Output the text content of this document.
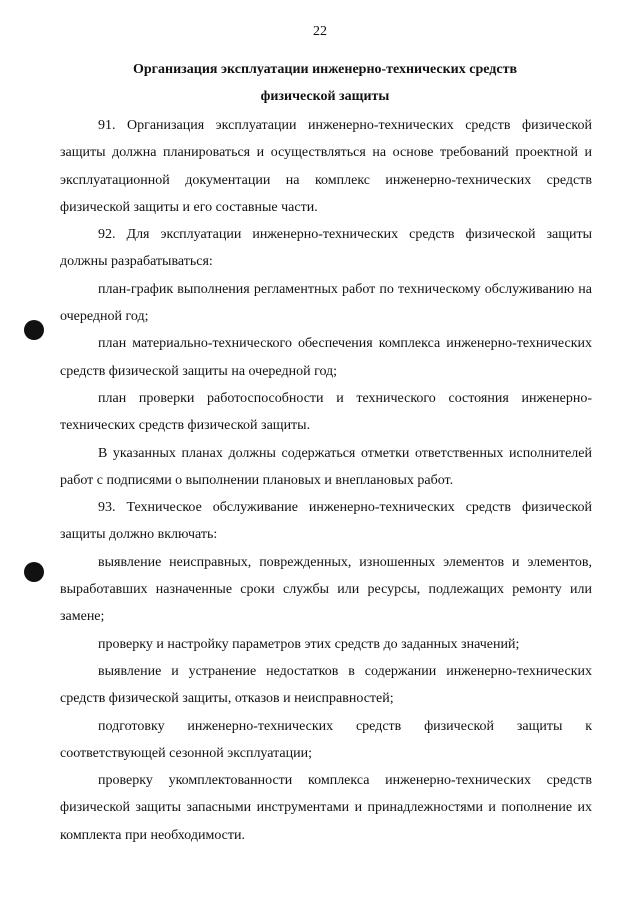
22
Организация эксплуатации инженерно-технических средств
физической защиты

91. Организация эксплуатации инженерно-технических средств физической защиты должна планироваться и осуществляться на основе требований проектной и эксплуатационной документации на комплекс инженерно-технических средств физической защиты и его составные части.

92. Для эксплуатации инженерно-технических средств физической защиты должны разрабатываться:

план-график выполнения регламентных работ по техническому обслуживанию на очередной год;

план материально-технического обеспечения комплекса инженерно-технических средств физической защиты на очередной год;

план проверки работоспособности и технического состояния инженерно-технических средств физической защиты.

В указанных планах должны содержаться отметки ответственных исполнителей работ с подписями о выполнении плановых и внеплановых работ.

93. Техническое обслуживание инженерно-технических средств физической защиты должно включать:

выявление неисправных, поврежденных, изношенных элементов и элементов, выработавших назначенные сроки службы или ресурсы, подлежащих ремонту или замене;

проверку и настройку параметров этих средств до заданных значений;

выявление и устранение недостатков в содержании инженерно-технических средств физической защиты, отказов и неисправностей;

подготовку инженерно-технических средств физической защиты к соответствующей сезонной эксплуатации;

проверку укомплектованности комплекса инженерно-технических средств физической защиты запасными инструментами и принадлежностями и пополнение их комплекта при необходимости.
